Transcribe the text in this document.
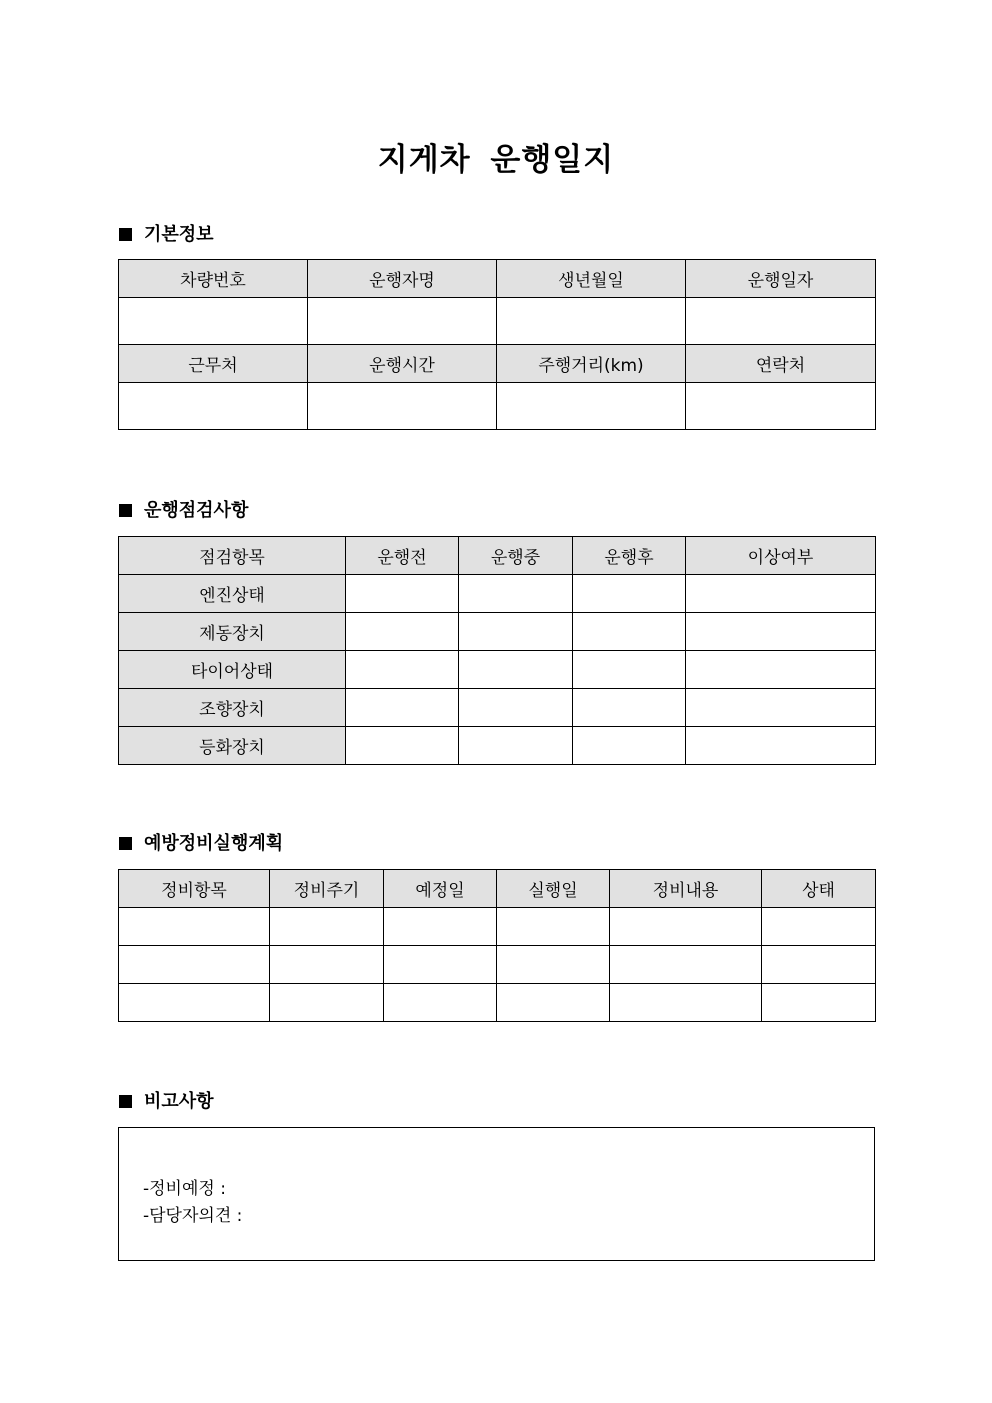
지게차 운행일지
기본정보
차량번호	운행자명	생년월일	운행일자

근무처	운행시간	주행거리(km)	연락처

운행점검사항
점검항목	운행전	운행중	운행후	이상여부
엔진상태				
제동장치				
타이어상태				
조향장치				
등화장치				
예방정비실행계획
정비항목	정비주기	예정일	실행일	정비내용	상태

비고사항
-정비예정 :
-담당자의견 :
